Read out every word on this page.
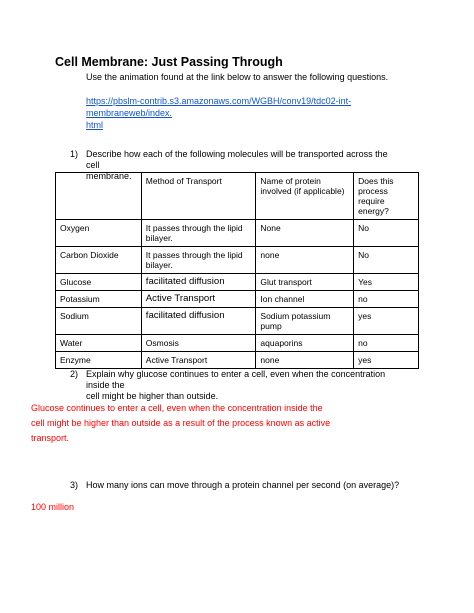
Cell Membrane: Just Passing Through
Use the animation found at the link below to answer the following questions.
https://pbslm-contrib.s3.amazonaws.com/WGBH/conv19/tdc02-int-membraneweb/index.
html
1) Describe how each of the following molecules will be transported across the cell
membrane.
		Method of Transport	Name of protein involved (if applicable)	Does this process require energy?
Oxygen	It passes through the lipid bilayer.	None	No
Carbon Dioxide	It passes through the lipid bilayer.	none	No
Glucose	facilitated diffusion	Glut transport	Yes
Potassium	Active Transport	Ion channel	no
Sodium	facilitated diffusion	Sodium potassium pump	yes
Water	Osmosis	aquaporins	no
Enzyme	Active Transport	none	yes
2) Explain why glucose continues to enter a cell, even when the concentration inside the
cell might be higher than outside.
Glucose continues to enter a cell, even when the concentration inside the
cell might be higher than outside as a result of the process known as active
transport.
3) How many ions can move through a protein channel per second (on average)?
100 million
